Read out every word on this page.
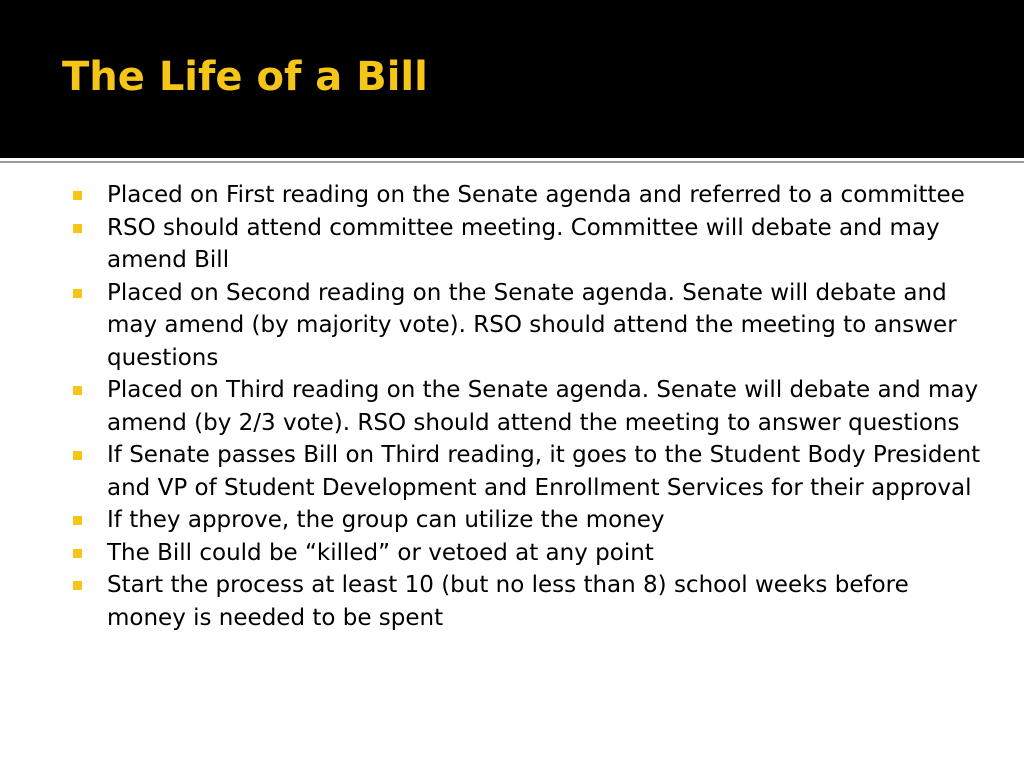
The Life of a Bill
Placed on First reading on the Senate agenda and referred to a committee
RSO should attend committee meeting. Committee will debate and may amend Bill
Placed on Second reading on the Senate agenda. Senate will debate and may amend (by majority vote). RSO should attend the meeting to answer questions
Placed on Third reading on the Senate agenda. Senate will debate and may amend (by 2/3 vote). RSO should attend the meeting to answer questions
If Senate passes Bill on Third reading, it goes to the Student Body President and VP of Student Development and Enrollment Services for their approval
If they approve, the group can utilize the money
The Bill could be “killed” or vetoed at any point
Start the process at least 10 (but no less than 8) school weeks before money is needed to be spent
